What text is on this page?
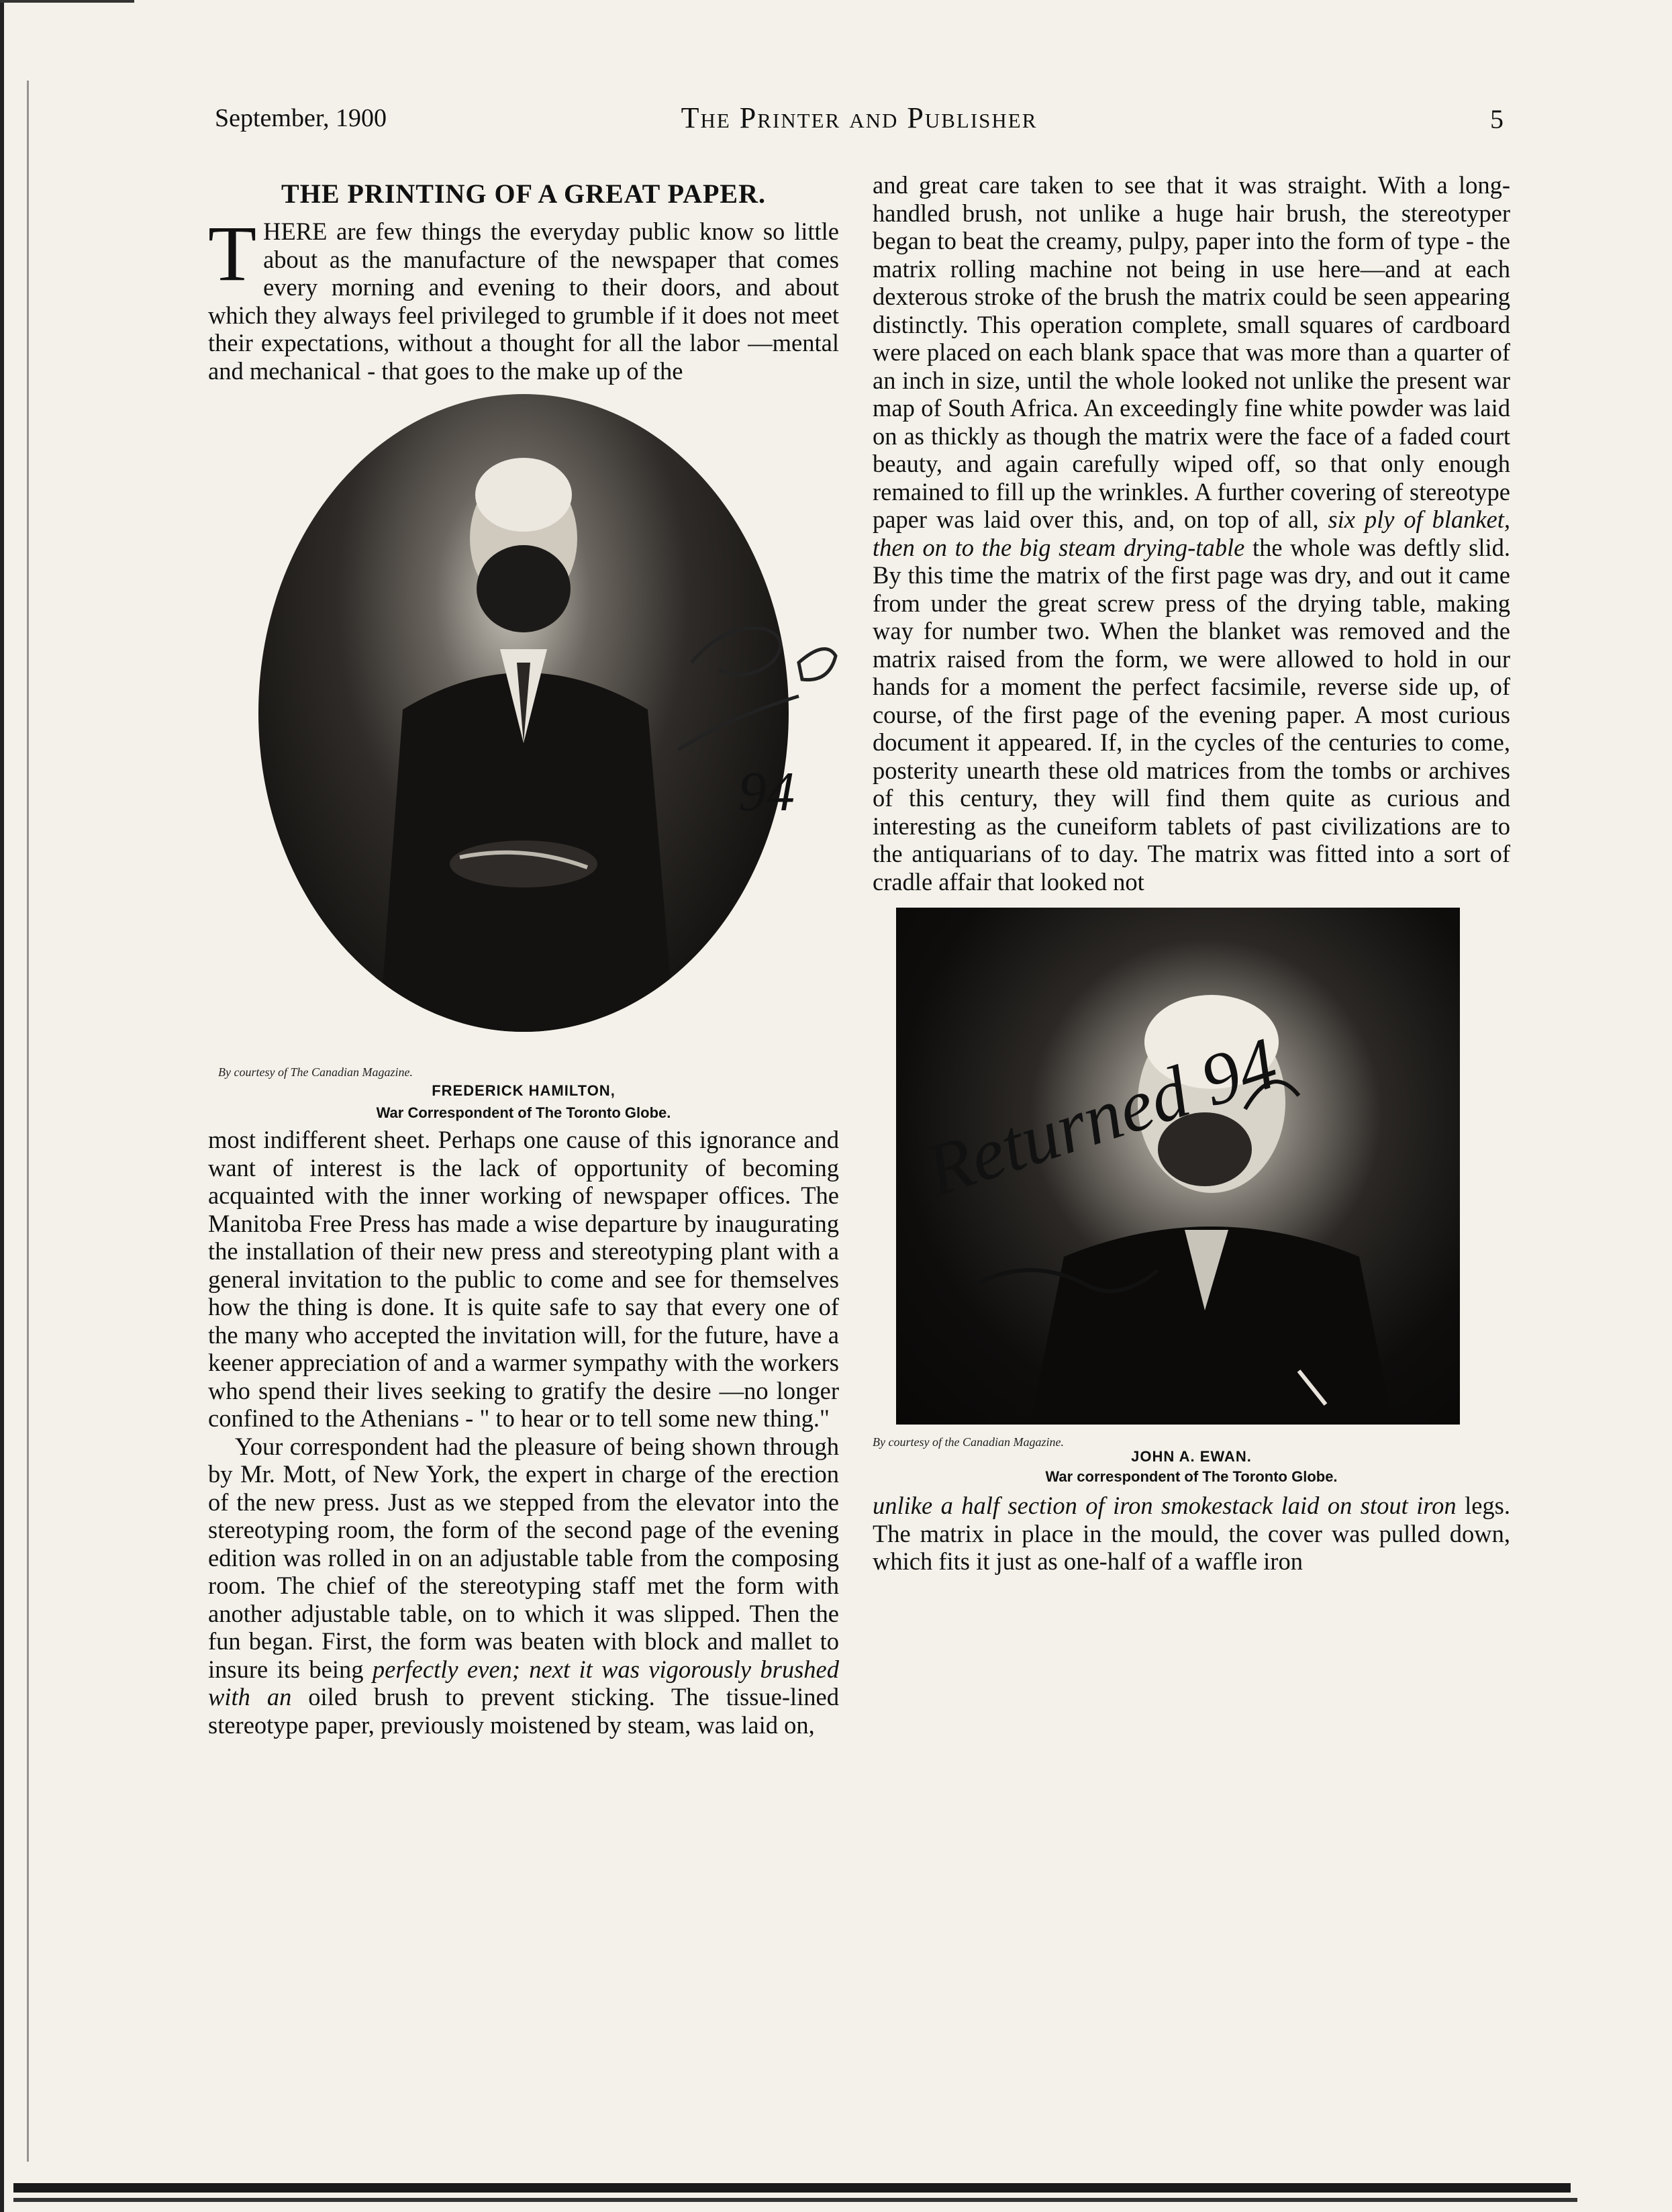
September, 1900	The Printer and Publisher	5
THE PRINTING OF A GREAT PAPER.
T HERE are few things the everyday public know so little about as the manufacture of the newspaper that comes every morning and evening to their doors, and about which they always feel privileged to grumble if it does not meet their expectations, without a thought for all the labor —mental and mechanical - that goes to the make up of the

94
By courtesy of The Canadian Magazine.
FREDERICK HAMILTON,
War Correspondent of The Toronto Globe.

most indifferent sheet. Perhaps one cause of this ignorance and want of interest is the lack of opportunity of becoming acquainted with the inner working of newspaper offices. The Manitoba Free Press has made a wise departure by inaugurating the installation of their new press and stereotyping plant with a general invitation to the public to come and see for themselves how the thing is done. It is quite safe to say that every one of the many who accepted the invitation will, for the future, have a keener appreciation of and a warmer sympathy with the workers who spend their lives seeking to gratify the desire —no longer confined to the Athenians - " to hear or to tell some new thing."

Your correspondent had the pleasure of being shown through by Mr. Mott, of New York, the expert in charge of the erection of the new press. Just as we stepped from the elevator into the stereotyping room, the form of the second page of the evening edition was rolled in on an adjustable table from the composing room. The chief of the stereotyping staff met the form with another adjustable table, on to which it was slipped. Then the fun began. First, the form was beaten with block and mallet to insure its being perfectly even; next it was vigorously brushed with an oiled brush to prevent sticking. The tissue-lined stereotype paper, previously moistened by steam, was laid on,

and great care taken to see that it was straight. With a long-handled brush, not unlike a huge hair brush, the stereotyper began to beat the creamy, pulpy, paper into the form of type - the matrix rolling machine not being in use here—and at each dexterous stroke of the brush the matrix could be seen appearing distinctly. This operation complete, small squares of cardboard were placed on each blank space that was more than a quarter of an inch in size, until the whole looked not unlike the present war map of South Africa. An exceedingly fine white powder was laid on as thickly as though the matrix were the face of a faded court beauty, and again carefully wiped off, so that only enough remained to fill up the wrinkles. A further covering of stereotype paper was laid over this, and, on top of all, six ply of blanket, then on to the big steam drying-table the whole was deftly slid. By this time the matrix of the first page was dry, and out it came from under the great screw press of the drying table, making way for number two. When the blanket was removed and the matrix raised from the form, we were allowed to hold in our hands for a moment the perfect facsimile, reverse side up, of course, of the first page of the evening paper. A most curious document it appeared. If, in the cycles of the centuries to come, posterity unearth these old matrices from the tombs or archives of this century, they will find them quite as curious and interesting as the cuneiform tablets of past civilizations are to the antiquarians of to day. The matrix was fitted into a sort of cradle affair that looked not

Returned 94
By courtesy of the Canadian Magazine.
JOHN A. EWAN.
War correspondent of The Toronto Globe.

unlike a half section of iron smokestack laid on stout iron legs. The matrix in place in the mould, the cover was pulled down, which fits it just as one-half of a waffle iron
